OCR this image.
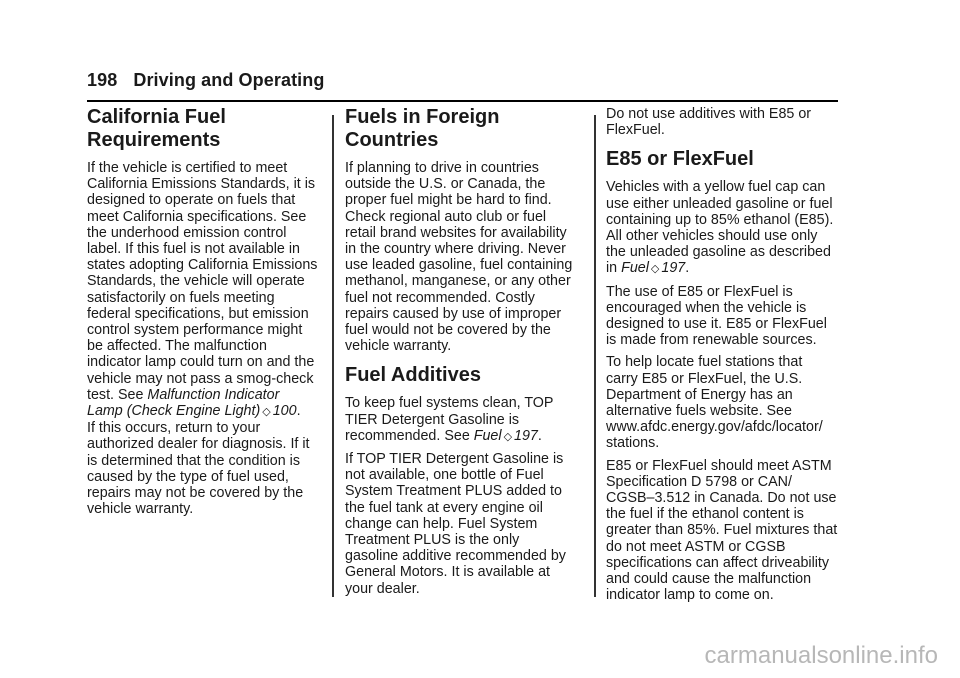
198 Driving and Operating
California Fuel
Requirements

If the vehicle is certified to meet
California Emissions Standards, it is
designed to operate on fuels that
meet California specifications. See
the underhood emission control
label. If this fuel is not available in
states adopting California Emissions
Standards, the vehicle will operate
satisfactorily on fuels meeting
federal specifications, but emission
control system performance might
be affected. The malfunction
indicator lamp could turn on and the
vehicle may not pass a smog-check
test. See Malfunction Indicator
Lamp (Check Engine Light) ◇ 100.
If this occurs, return to your
authorized dealer for diagnosis. If it
is determined that the condition is
caused by the type of fuel used,
repairs may not be covered by the
vehicle warranty.

Fuels in Foreign
Countries

If planning to drive in countries
outside the U.S. or Canada, the
proper fuel might be hard to find.
Check regional auto club or fuel
retail brand websites for availability
in the country where driving. Never
use leaded gasoline, fuel containing
methanol, manganese, or any other
fuel not recommended. Costly
repairs caused by use of improper
fuel would not be covered by the
vehicle warranty.

Fuel Additives

To keep fuel systems clean, TOP
TIER Detergent Gasoline is
recommended. See Fuel ◇ 197.

If TOP TIER Detergent Gasoline is
not available, one bottle of Fuel
System Treatment PLUS added to
the fuel tank at every engine oil
change can help. Fuel System
Treatment PLUS is the only
gasoline additive recommended by
General Motors. It is available at
your dealer.

Do not use additives with E85 or
FlexFuel.

E85 or FlexFuel

Vehicles with a yellow fuel cap can
use either unleaded gasoline or fuel
containing up to 85% ethanol (E85).
All other vehicles should use only
the unleaded gasoline as described
in Fuel ◇ 197.

The use of E85 or FlexFuel is
encouraged when the vehicle is
designed to use it. E85 or FlexFuel
is made from renewable sources.

To help locate fuel stations that
carry E85 or FlexFuel, the U.S.
Department of Energy has an
alternative fuels website. See
www.afdc.energy.gov/afdc/locator/
stations.

E85 or FlexFuel should meet ASTM
Specification D 5798 or CAN/
CGSB–3.512 in Canada. Do not use
the fuel if the ethanol content is
greater than 85%. Fuel mixtures that
do not meet ASTM or CGSB
specifications can affect driveability
and could cause the malfunction
indicator lamp to come on.

carmanualsonline.info
